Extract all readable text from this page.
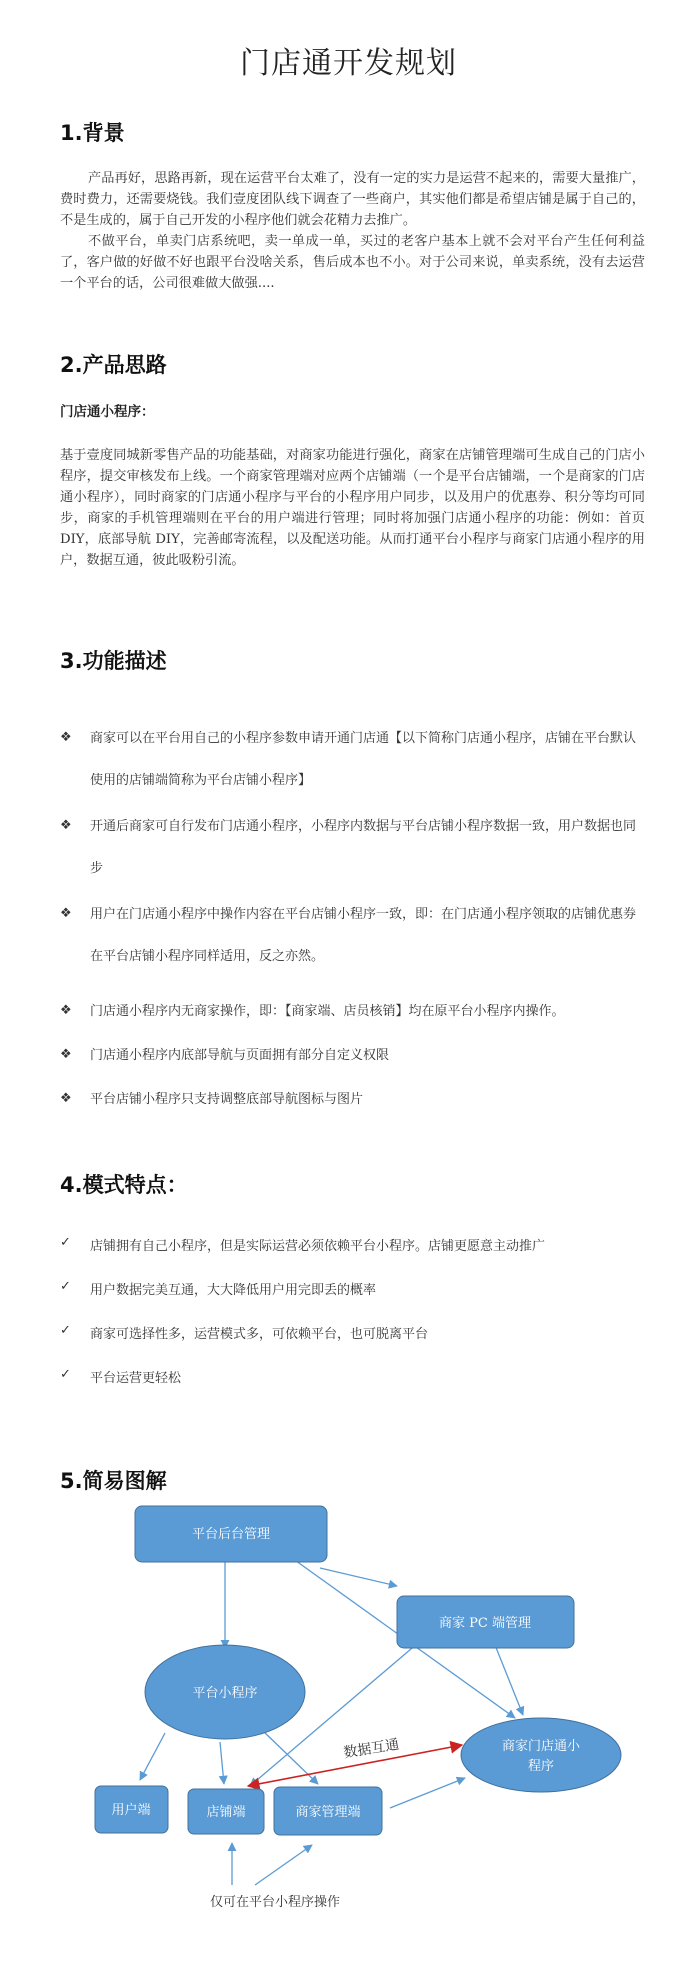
门店通开发规划
1.背景
产品再好，思路再新，现在运营平台太难了，没有一定的实力是运营不起来的，需要大量推广，费时费力，还需要烧钱。我们壹度团队线下调查了一些商户，其实他们都是希望店铺是属于自己的，不是生成的，属于自己开发的小程序他们就会花精力去推广。
不做平台，单卖门店系统吧，卖一单成一单，买过的老客户基本上就不会对平台产生任何利益了，客户做的好做不好也跟平台没啥关系，售后成本也不小。对于公司来说，单卖系统，没有去运营一个平台的话，公司很难做大做强....
2.产品思路
门店通小程序：
基于壹度同城新零售产品的功能基础，对商家功能进行强化，商家在店铺管理端可生成自己的门店小程序，提交审核发布上线。一个商家管理端对应两个店铺端（一个是平台店铺端，一个是商家的门店通小程序），同时商家的门店通小程序与平台的小程序用户同步，以及用户的优惠券、积分等均可同步，商家的手机管理端则在平台的用户端进行管理；同时将加强门店通小程序的功能：例如：首页 DIY，底部导航 DIY，完善邮寄流程，以及配送功能。从而打通平台小程序与商家门店通小程序的用户，数据互通，彼此吸粉引流。
3.功能描述
❖ 商家可以在平台用自己的小程序参数申请开通门店通【以下简称门店通小程序，店铺在平台默认使用的店铺端简称为平台店铺小程序】
❖ 开通后商家可自行发布门店通小程序，小程序内数据与平台店铺小程序数据一致，用户数据也同步
❖ 用户在门店通小程序中操作内容在平台店铺小程序一致，即：在门店通小程序领取的店铺优惠券在平台店铺小程序同样适用，反之亦然。
❖ 门店通小程序内无商家操作，即：【商家端、店员核销】均在原平台小程序内操作。
❖ 门店通小程序内底部导航与页面拥有部分自定义权限
❖ 平台店铺小程序只支持调整底部导航图标与图片
4.模式特点：
✓ 店铺拥有自己小程序，但是实际运营必须依赖平台小程序。店铺更愿意主动推广
✓ 用户数据完美互通，大大降低用户用完即丢的概率
✓ 商家可选择性多，运营模式多，可依赖平台，也可脱离平台
✓ 平台运营更轻松
5.简易图解
平台后台管理
商家 PC 端管理
平台小程序
商家门店通小
程序
用户端	店铺端	商家管理端
数据互通
仅可在平台小程序操作
